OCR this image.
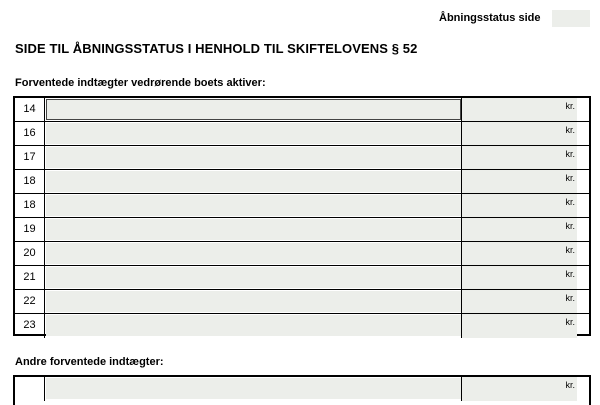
Åbningsstatus side
SIDE TIL ÅBNINGSSTATUS I HENHOLD TIL SKIFTELOVENS § 52
Forventede indtægter vedrørende boets aktiver:
14	kr.
16	kr.
17	kr.
18	kr.
18	kr.
19	kr.
20	kr.
21	kr.
22	kr.
23	kr.
Andre forventede indtægter:
kr.
